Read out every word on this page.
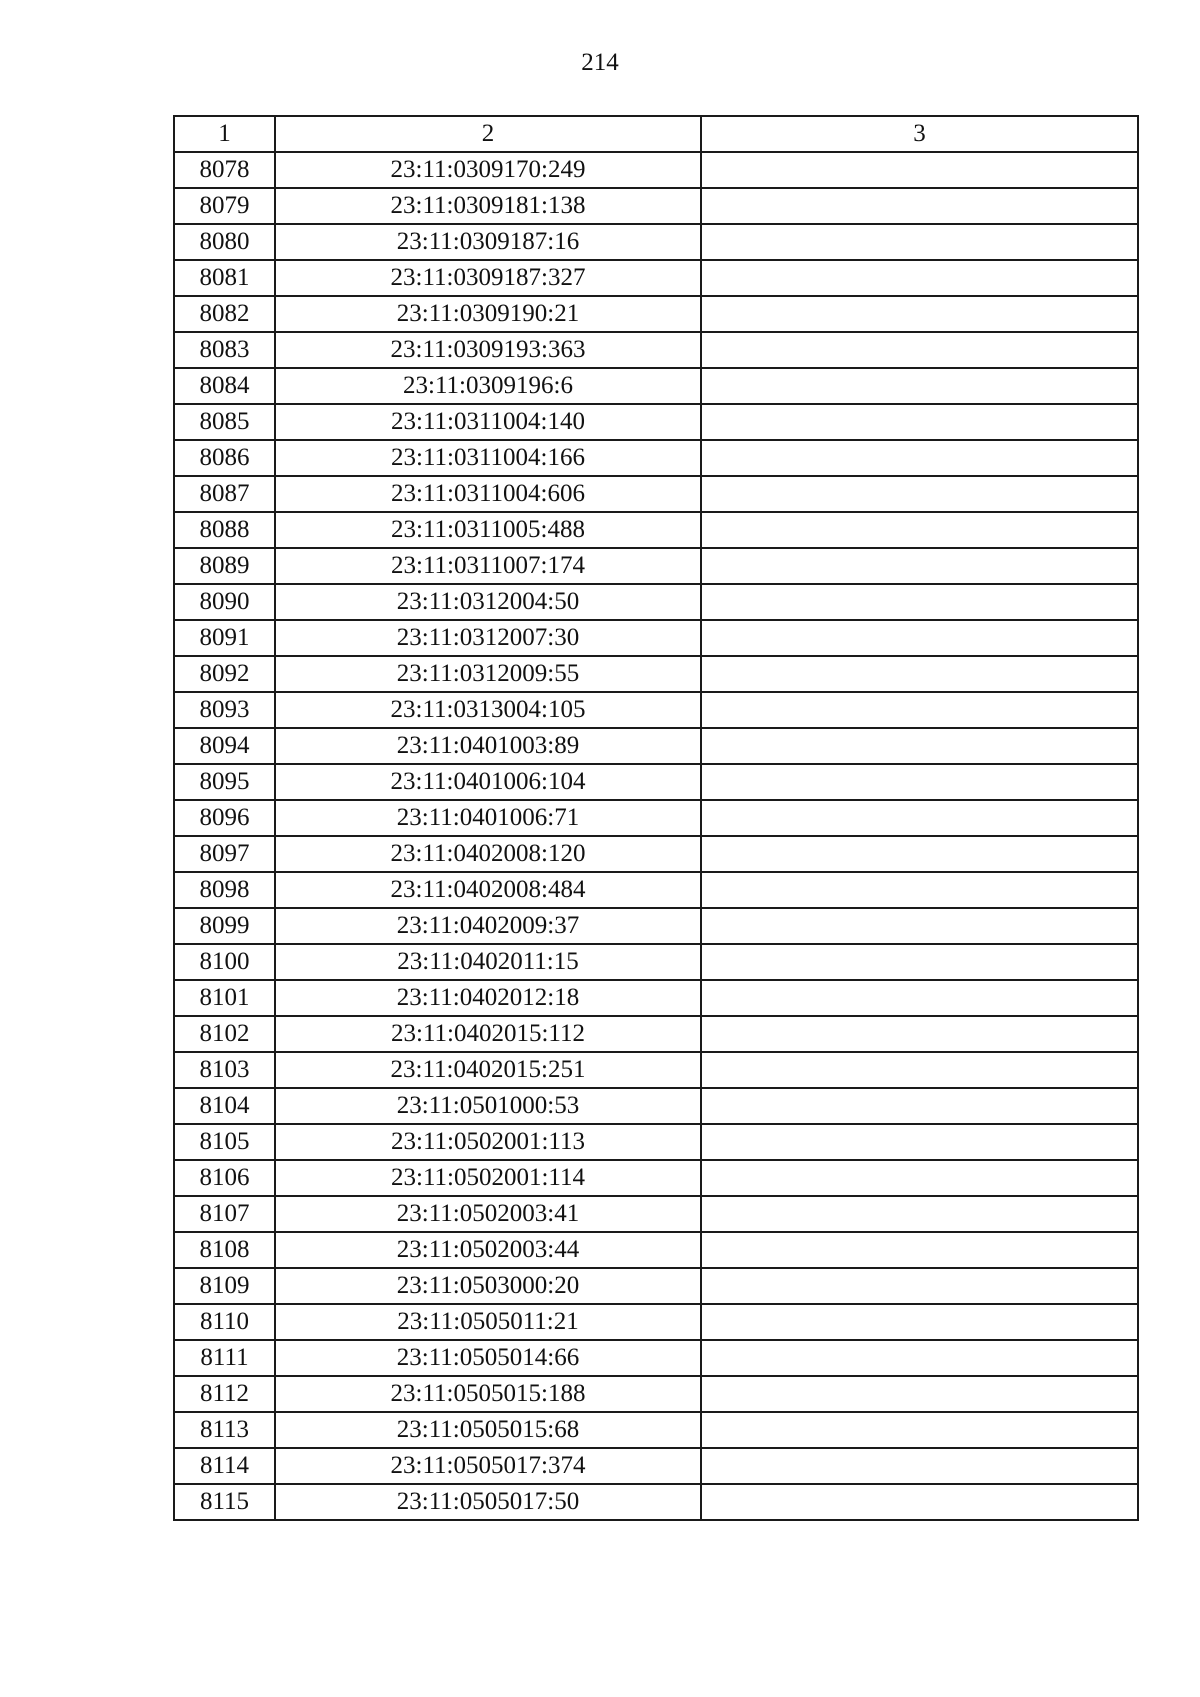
214
1	2	3
8078	23:11:0309170:249	
8079	23:11:0309181:138	
8080	23:11:0309187:16	
8081	23:11:0309187:327	
8082	23:11:0309190:21	
8083	23:11:0309193:363	
8084	23:11:0309196:6	
8085	23:11:0311004:140	
8086	23:11:0311004:166	
8087	23:11:0311004:606	
8088	23:11:0311005:488	
8089	23:11:0311007:174	
8090	23:11:0312004:50	
8091	23:11:0312007:30	
8092	23:11:0312009:55	
8093	23:11:0313004:105	
8094	23:11:0401003:89	
8095	23:11:0401006:104	
8096	23:11:0401006:71	
8097	23:11:0402008:120	
8098	23:11:0402008:484	
8099	23:11:0402009:37	
8100	23:11:0402011:15	
8101	23:11:0402012:18	
8102	23:11:0402015:112	
8103	23:11:0402015:251	
8104	23:11:0501000:53	
8105	23:11:0502001:113	
8106	23:11:0502001:114	
8107	23:11:0502003:41	
8108	23:11:0502003:44	
8109	23:11:0503000:20	
8110	23:11:0505011:21	
8111	23:11:0505014:66	
8112	23:11:0505015:188	
8113	23:11:0505015:68	
8114	23:11:0505017:374	
8115	23:11:0505017:50	
